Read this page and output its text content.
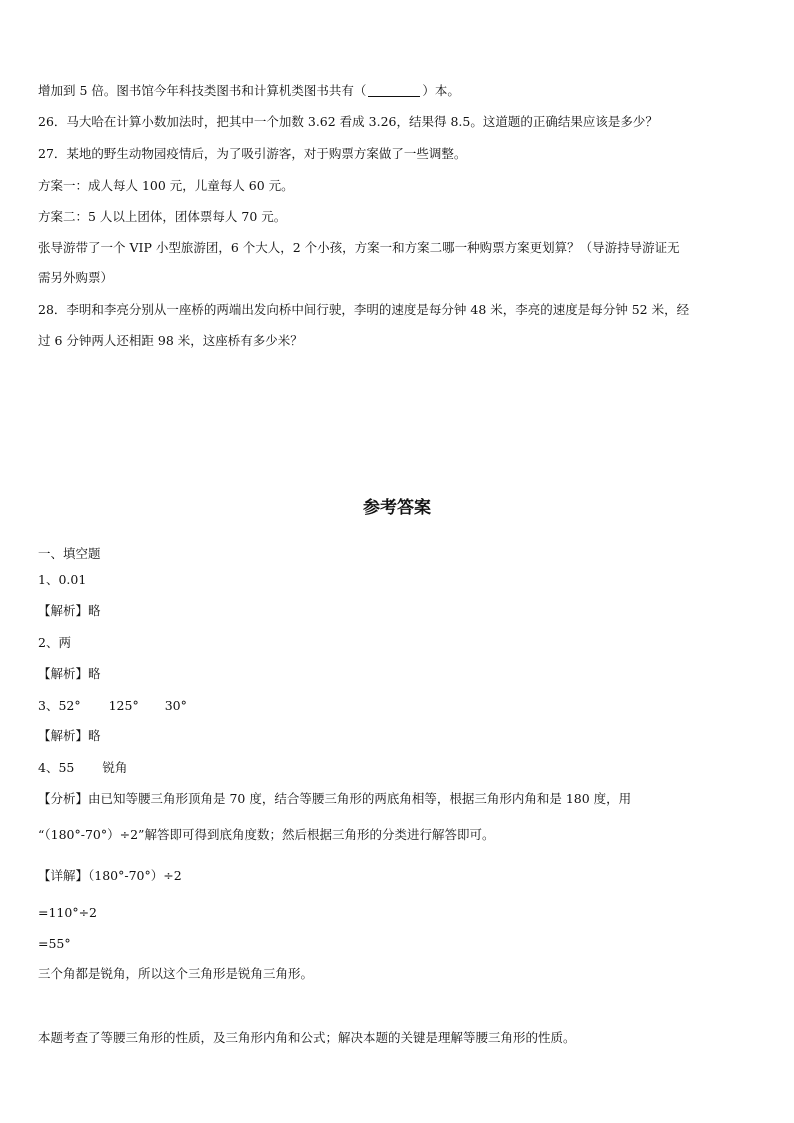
增加到 5 倍。图书馆今年科技类图书和计算机类图书共有（	）本。
26．马大哈在计算小数加法时，把其中一个加数 3.62 看成 3.26，结果得 8.5。这道题的正确结果应该是多少？
27．某地的野生动物园疫情后，为了吸引游客，对于购票方案做了一些调整。
方案一：成人每人 100 元，儿童每人 60 元。
方案二：5 人以上团体，团体票每人 70 元。
张导游带了一个 VIP 小型旅游团，6 个大人，2 个小孩，方案一和方案二哪一种购票方案更划算？（导游持导游证无
需另外购票）
28．李明和李亮分别从一座桥的两端出发向桥中间行驶，李明的速度是每分钟 48 米，李亮的速度是每分钟 52 米，经
过 6 分钟两人还相距 98 米，这座桥有多少米？
参考答案
一、填空题
1、0.01
【解析】略
2、两
【解析】略
3、52° 125° 30°
【解析】略
4、55 锐角
【分析】由已知等腰三角形顶角是 70 度，结合等腰三角形的两底角相等，根据三角形内角和是 180 度，用
“（180°-70°）÷2”解答即可得到底角度数；然后根据三角形的分类进行解答即可。
【详解】（180°-70°）÷2
=110°÷2
=55°
三个角都是锐角，所以这个三角形是锐角三角形。
本题考查了等腰三角形的性质，及三角形内角和公式；解决本题的关键是理解等腰三角形的性质。
